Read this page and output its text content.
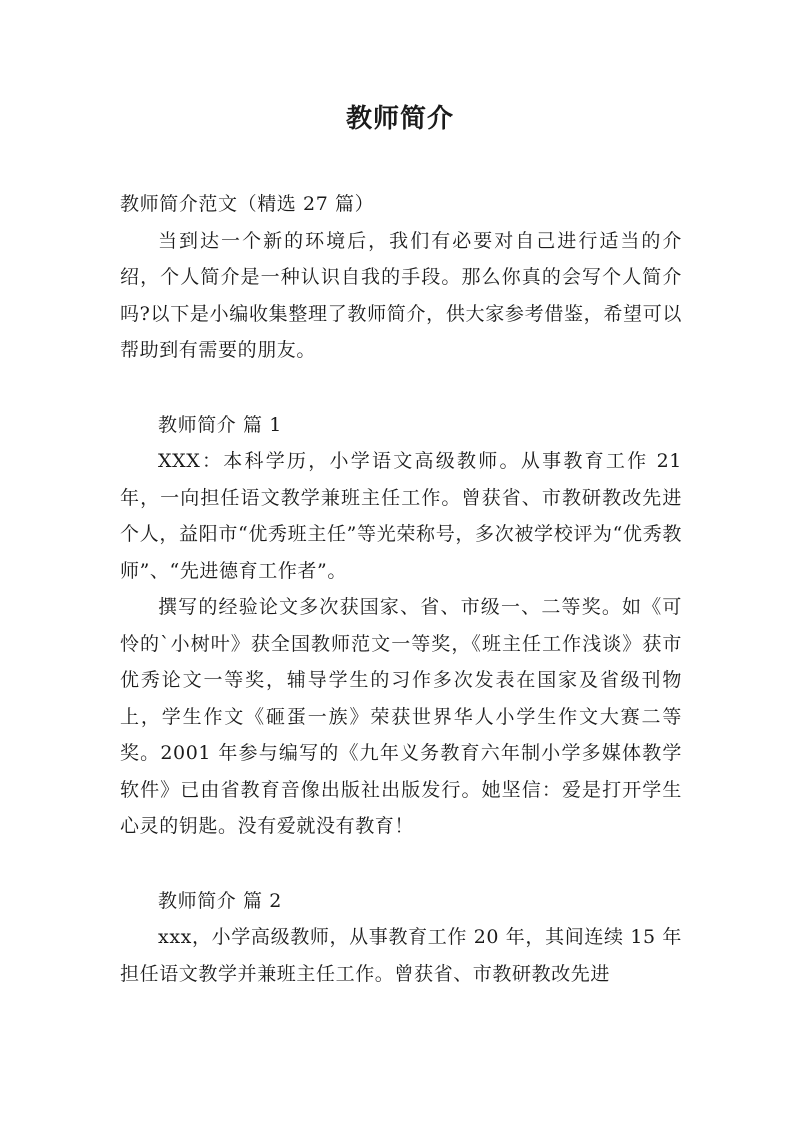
教师简介

教师简介范文（精选 27 篇）

当到达一个新的环境后，我们有必要对自己进行适当的介绍，个人简介是一种认识自我的手段。那么你真的会写个人简介吗?以下是小编收集整理了教师简介，供大家参考借鉴，希望可以帮助到有需要的朋友。

教师简介 篇 1

XXX：本科学历，小学语文高级教师。从事教育工作 21 年，一向担任语文教学兼班主任工作。曾获省、市教研教改先进个人，益阳市“优秀班主任”等光荣称号，多次被学校评为“优秀教师”、“先进德育工作者”。

撰写的经验论文多次获国家、省、市级一、二等奖。如《可怜的`小树叶》获全国教师范文一等奖，《班主任工作浅谈》获市优秀论文一等奖，辅导学生的习作多次发表在国家及省级刊物上，学生作文《砸蛋一族》荣获世界华人小学生作文大赛二等奖。2001 年参与编写的《九年义务教育六年制小学多媒体教学软件》已由省教育音像出版社出版发行。她坚信：爱是打开学生心灵的钥匙。没有爱就没有教育！

教师简介 篇 2

xxx，小学高级教师，从事教育工作 20 年，其间连续 15 年担任语文教学并兼班主任工作。曾获省、市教研教改先进
